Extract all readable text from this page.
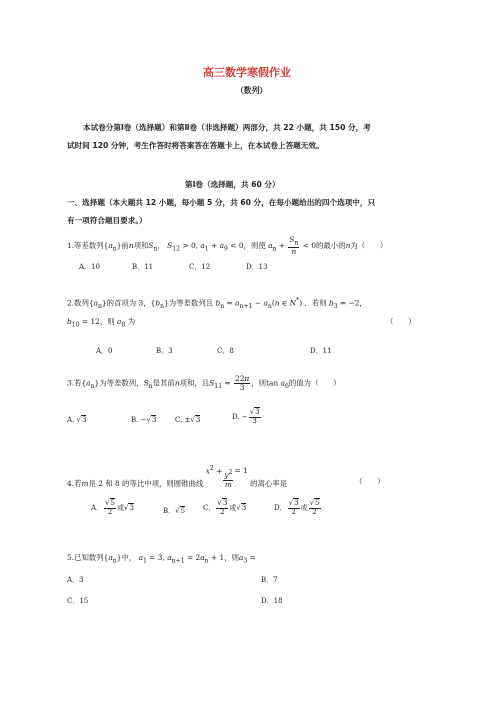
高三数学寒假作业
（数列）
本试卷分第Ⅰ卷（选择题）和第Ⅱ卷（非选择题）两部分，共 22 小题，共 150 分，考
试时间 120 分钟，考生作答时将答案答在答题卡上，在本试卷上答题无效。
第Ⅰ卷（选择题，共 60 分）
一、选择题（本大题共 12 小题，每小题 5 分，共 60 分，在每小题给出的四个选项中，只
有一项符合题目要求。）
1.等差数列$\{a_n\}$前n项和$S_n$． $S_{12} > 0$, $a_1 + a_9 < 0$，则使 $a_n + \frac{S_n}{n} < 0$的最小的n为（　　）
A．10	B．11	C．12	D．13
2.数列$\{a_n\}$的首项为 3，$\{b_n\}$为等差数列且 $b_n = a_{n+1} - a_n(n$ ∈ N*) ．若则 $b_3 = -2$，
$b_{10} = 12$，则 $a_8$ 为	（　　）
A．0	B．3	C．8	D．11
3.若$\{a_n\}$为等差数列，$S_n$是其前n项和，且$S_{11} = \frac{22\pi}{3}$ ，则$\tan a_6$的值为（　　）
A. √3	B. −√3	C. ±√3	D. − $\frac{√3}{3}$
4.若m是 2 和 8 的等比中项，则圆锥曲线 $x^2 + \frac{y^2}{m} = 1$ 的离心率是	（　　）
A． $\frac{√5}{2}$ 或√3	B．√5	C． $\frac{√3}{2}$ 或√3	D． $\frac{√3}{2}$ 或 $\frac{√5}{2}$
5.已知数列$\{a_n\}$中， $a_1 = 3$, $a_{n+1} = 2a_n + 1$，则$a_3$ =
A．3	B．7
C．15	D．18
